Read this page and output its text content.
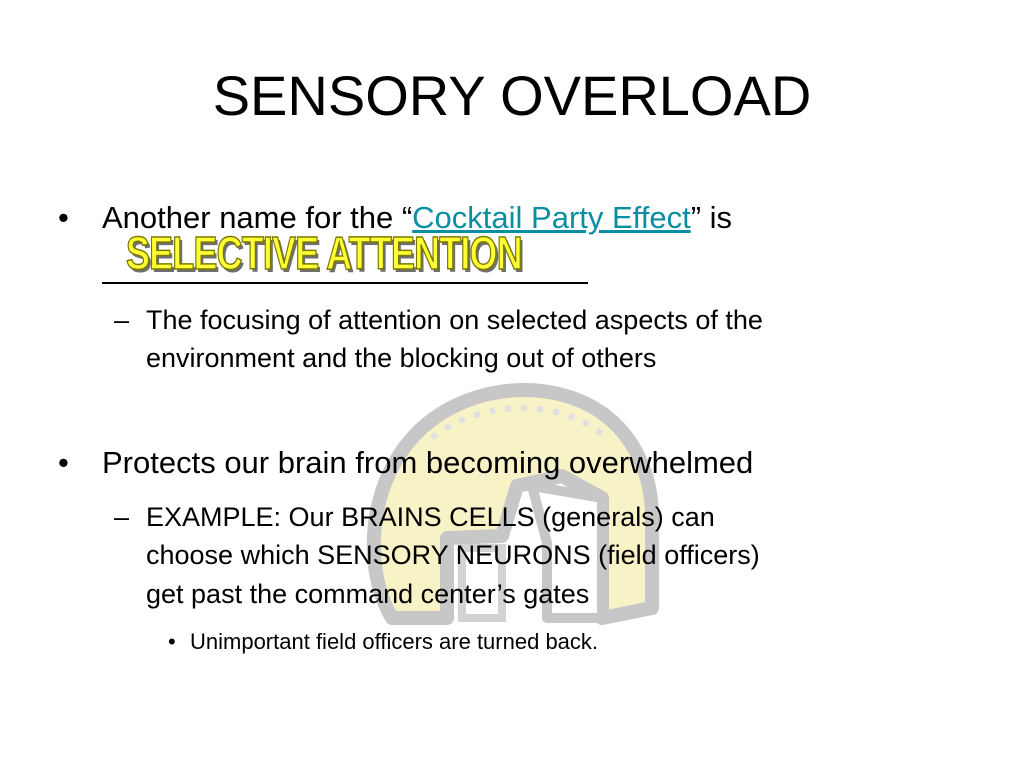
SENSORY OVERLOAD
• Another name for the “Cocktail Party Effect” is
SELECTIVE ATTENTION
– The focusing of attention on selected aspects of the
environment and the blocking out of others
• Protects our brain from becoming overwhelmed
– EXAMPLE: Our BRAINS CELLS (generals) can
choose which SENSORY NEURONS (field officers)
get past the command center’s gates
• Unimportant field officers are turned back.
